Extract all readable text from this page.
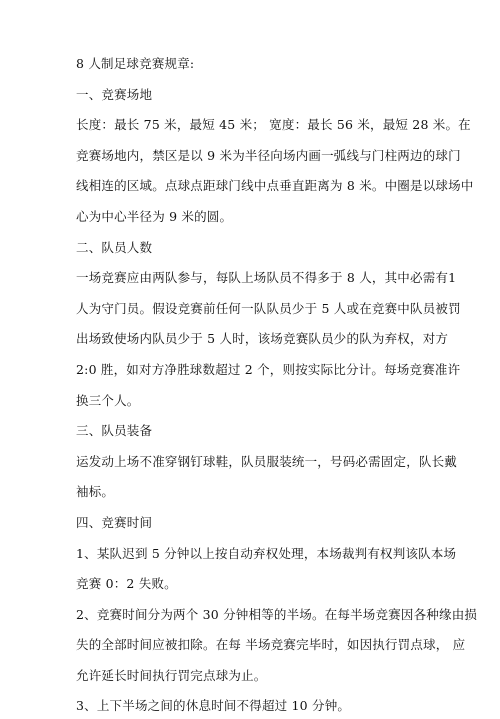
8 人制足球竞赛规章:
一、竞赛场地
长度：最长 75 米，最短 45 米； 宽度：最长 56 米，最短 28 米。在
竞赛场地内，禁区是以 9 米为半径向场内画一弧线与门柱两边的球门
线相连的区域。点球点距球门线中点垂直距离为 8 米。中圈是以球场中
心为中心半径为 9 米的圆。
二、队员人数
一场竞赛应由两队参与，每队上场队员不得多于 8 人，其中必需有1
人为守门员。假设竞赛前任何一队队员少于 5 人或在竞赛中队员被罚
出场致使场内队员少于 5 人时，该场竞赛队员少的队为弃权，对方
2:0 胜，如对方净胜球数超过 2 个，则按实际比分计。每场竞赛准许
换三个人。
三、队员装备
运发动上场不准穿钢钉球鞋，队员服装统一，号码必需固定，队长戴
袖标。
四、竞赛时间
1、某队迟到 5 分钟以上按自动弃权处理，本场裁判有权判该队本场
竞赛 0：2 失败。
2、竞赛时间分为两个 30 分钟相等的半场。在每半场竞赛因各种缘由损
失的全部时间应被扣除。在每 半场竞赛完毕时，如因执行罚点球， 应
允许延长时间执行罚完点球为止。
3、上下半场之间的休息时间不得超过 10 分钟。
